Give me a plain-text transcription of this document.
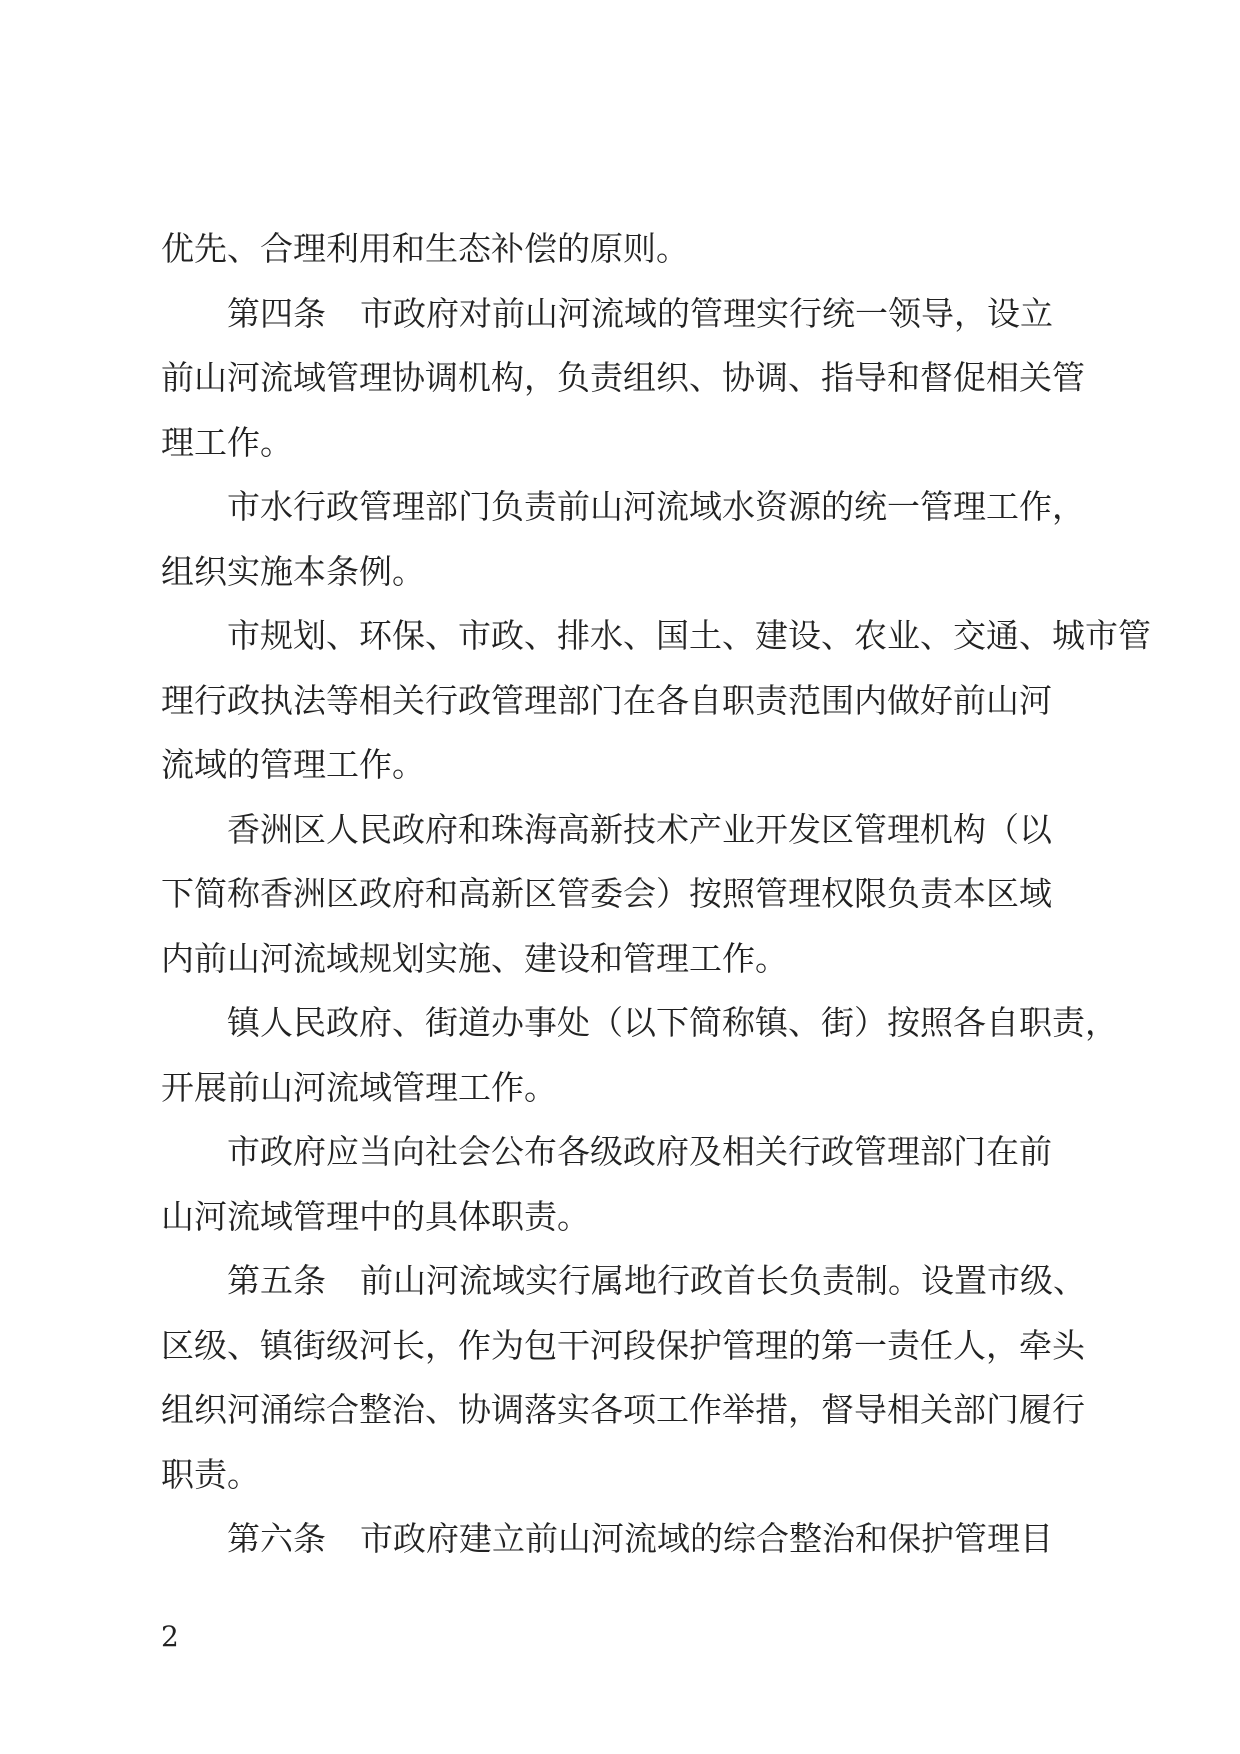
优先、合理利用和生态补偿的原则。
第四条 市政府对前山河流域的管理实行统一领导，设立
前山河流域管理协调机构，负责组织、协调、指导和督促相关管
理工作。
市水行政管理部门负责前山河流域水资源的统一管理工作，
组织实施本条例。
市规划、环保、市政、排水、国土、建设、农业、交通、城市管
理行政执法等相关行政管理部门在各自职责范围内做好前山河
流域的管理工作。
香洲区人民政府和珠海高新技术产业开发区管理机构（以
下简称香洲区政府和高新区管委会）按照管理权限负责本区域
内前山河流域规划实施、建设和管理工作。
镇人民政府、街道办事处（以下简称镇、街）按照各自职责，
开展前山河流域管理工作。
市政府应当向社会公布各级政府及相关行政管理部门在前
山河流域管理中的具体职责。
第五条 前山河流域实行属地行政首长负责制。设置市级、
区级、镇街级河长，作为包干河段保护管理的第一责任人，牵头
组织河涌综合整治、协调落实各项工作举措，督导相关部门履行
职责。
第六条 市政府建立前山河流域的综合整治和保护管理目
2
